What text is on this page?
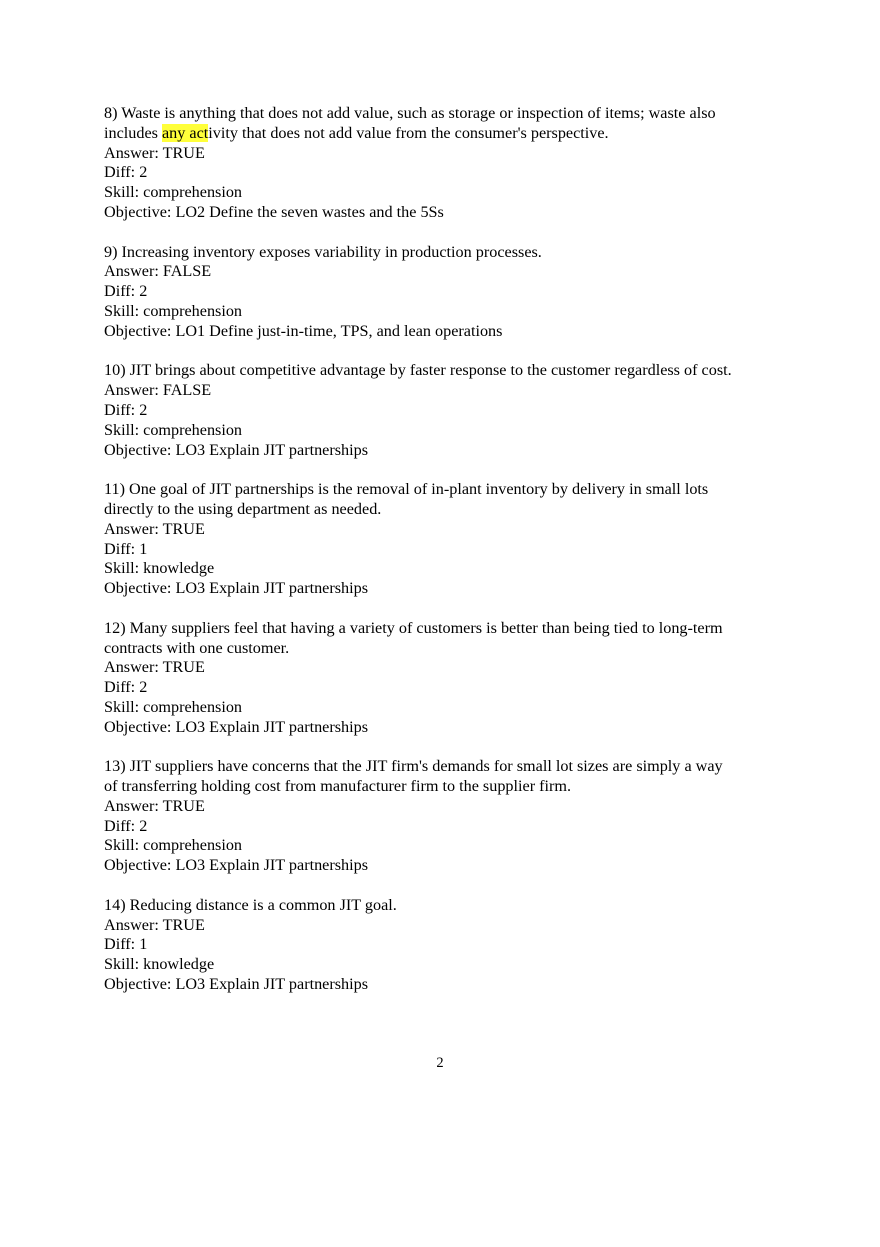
8) Waste is anything that does not add value, such as storage or inspection of items; waste also
includes any activity that does not add value from the consumer's perspective.
Answer: TRUE
Diff: 2
Skill: comprehension
Objective: LO2 Define the seven wastes and the 5Ss
9) Increasing inventory exposes variability in production processes.
Answer: FALSE
Diff: 2
Skill: comprehension
Objective: LO1 Define just-in-time, TPS, and lean operations
10) JIT brings about competitive advantage by faster response to the customer regardless of cost.
Answer: FALSE
Diff: 2
Skill: comprehension
Objective: LO3 Explain JIT partnerships
11) One goal of JIT partnerships is the removal of in-plant inventory by delivery in small lots
directly to the using department as needed.
Answer: TRUE
Diff: 1
Skill: knowledge
Objective: LO3 Explain JIT partnerships
12) Many suppliers feel that having a variety of customers is better than being tied to long-term
contracts with one customer.
Answer: TRUE
Diff: 2
Skill: comprehension
Objective: LO3 Explain JIT partnerships
13) JIT suppliers have concerns that the JIT firm's demands for small lot sizes are simply a way
of transferring holding cost from manufacturer firm to the supplier firm.
Answer: TRUE
Diff: 2
Skill: comprehension
Objective: LO3 Explain JIT partnerships
14) Reducing distance is a common JIT goal.
Answer: TRUE
Diff: 1
Skill: knowledge
Objective: LO3 Explain JIT partnerships
2
